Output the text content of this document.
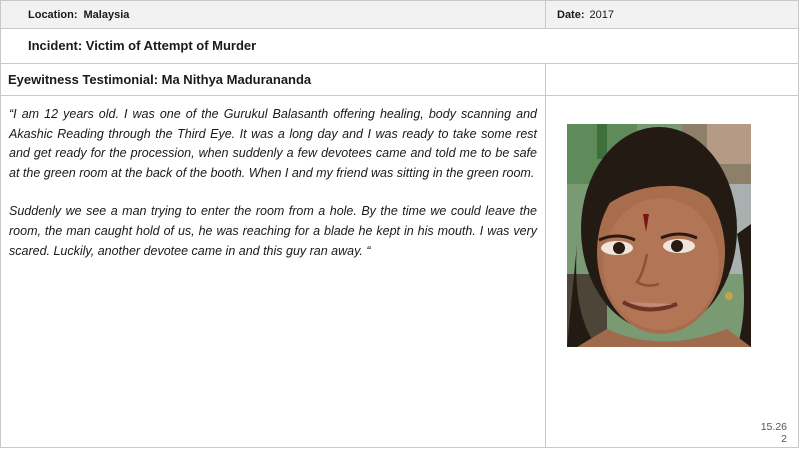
Location: Malaysia	Date: 2017
Incident: Victim of Attempt of Murder
Eyewitness Testimonial: Ma Nithya Madurananda

“I am 12 years old. I was one of the Gurukul Balasanth offering healing, body scanning and Akashic Reading through the Third Eye. It was a long day and I was ready to take some rest and get ready for the procession, when suddenly a few devotees came and told me to be safe at the green room at the back of the booth. When I and my friend was sitting in the green room.

Suddenly we see a man trying to enter the room from a hole. By the time we could leave the room, the man caught hold of us, he was reaching for a blade he kept in his mouth. I was very scared. Luckily, another devotee came in and this guy ran away. “

15.26
2
